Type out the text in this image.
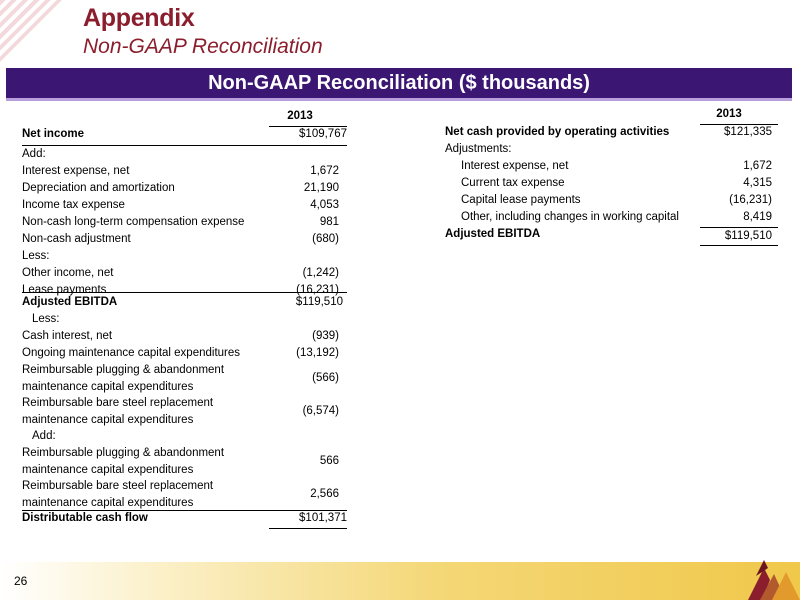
Appendix
Non-GAAP Reconciliation
Non-GAAP Reconciliation ($ thousands)
2013
Net income	$109,767
Add:
Interest expense, net	1,672
Depreciation and amortization	21,190
Income tax expense	4,053
Non-cash long-term compensation expense	981
Non-cash adjustment	(680)
Less:
Other income, net	(1,242)
Lease payments	(16,231)
Adjusted EBITDA	$119,510
Less:
Cash interest, net	(939)
Ongoing maintenance capital expenditures	(13,192)
Reimbursable plugging & abandonment
maintenance capital expenditures
(566)
Reimbursable bare steel replacement
maintenance capital expenditures
(6,574)
Add:
Reimbursable plugging & abandonment
maintenance capital expenditures
566
Reimbursable bare steel replacement
maintenance capital expenditures
2,566
Distributable cash flow	$101,371
2013
Net cash provided by operating activities	$121,335
Adjustments:
Interest expense, net	1,672
Current tax expense	4,315
Capital lease payments	(16,231)
Other, including changes in working capital	8,419
Adjusted EBITDA	$119,510
26
